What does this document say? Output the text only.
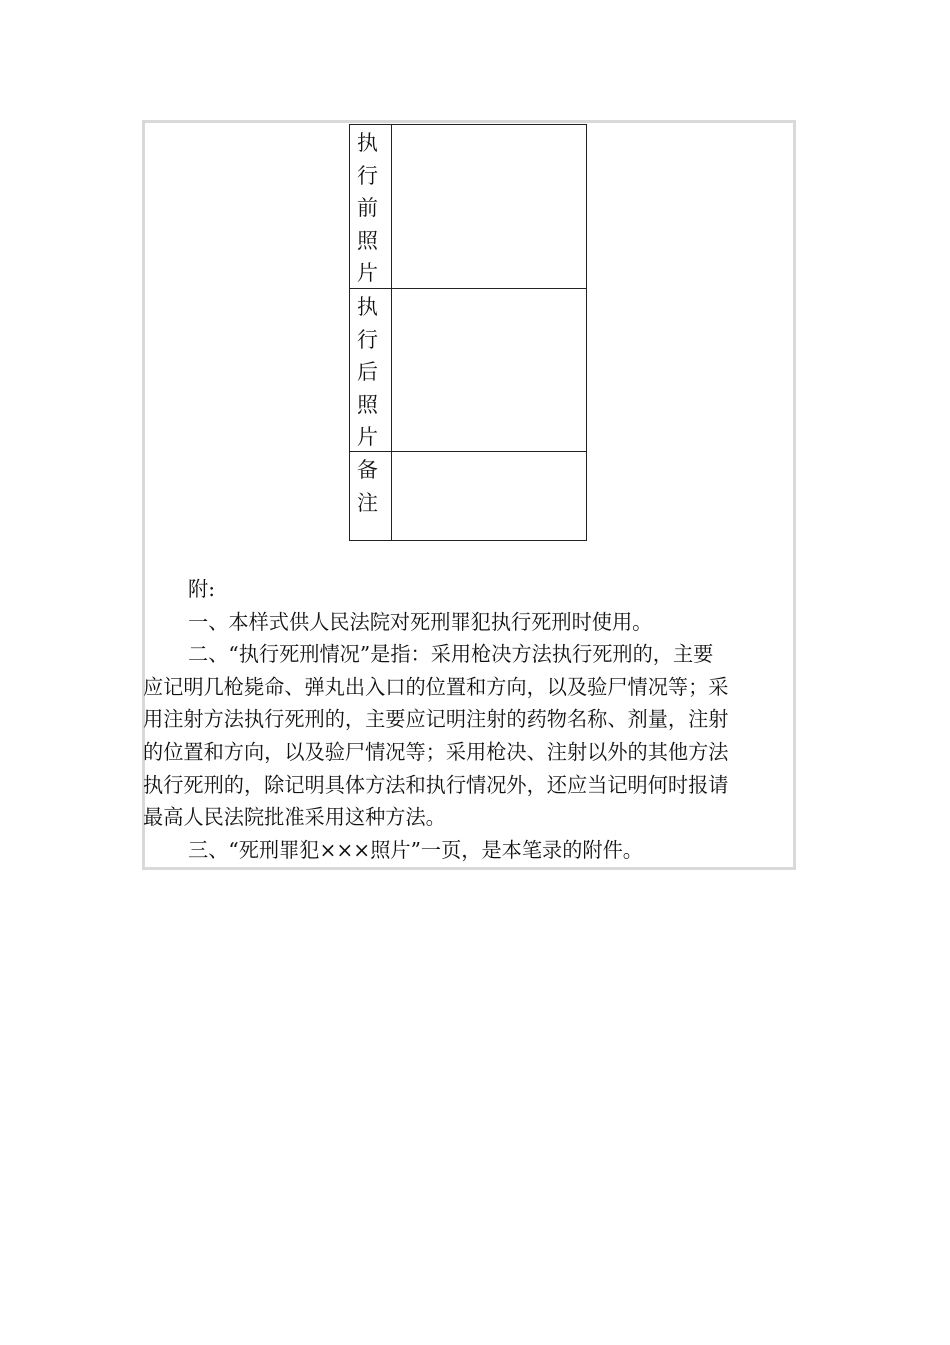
执行前照片
执行后照片
备注

附:

一、本样式供人民法院对死刑罪犯执行死刑时使用。

二、“执行死刑情况”是指：采用枪决方法执行死刑的，主要

应记明几枪毙命、弹丸出入口的位置和方向，以及验尸情况等；采

用注射方法执行死刑的，主要应记明注射的药物名称、剂量，注射

的位置和方向，以及验尸情况等；采用枪决、注射以外的其他方法

执行死刑的，除记明具体方法和执行情况外，还应当记明何时报请

最高人民法院批准采用这种方法。

三、“死刑罪犯×××照片”一页，是本笔录的附件。
